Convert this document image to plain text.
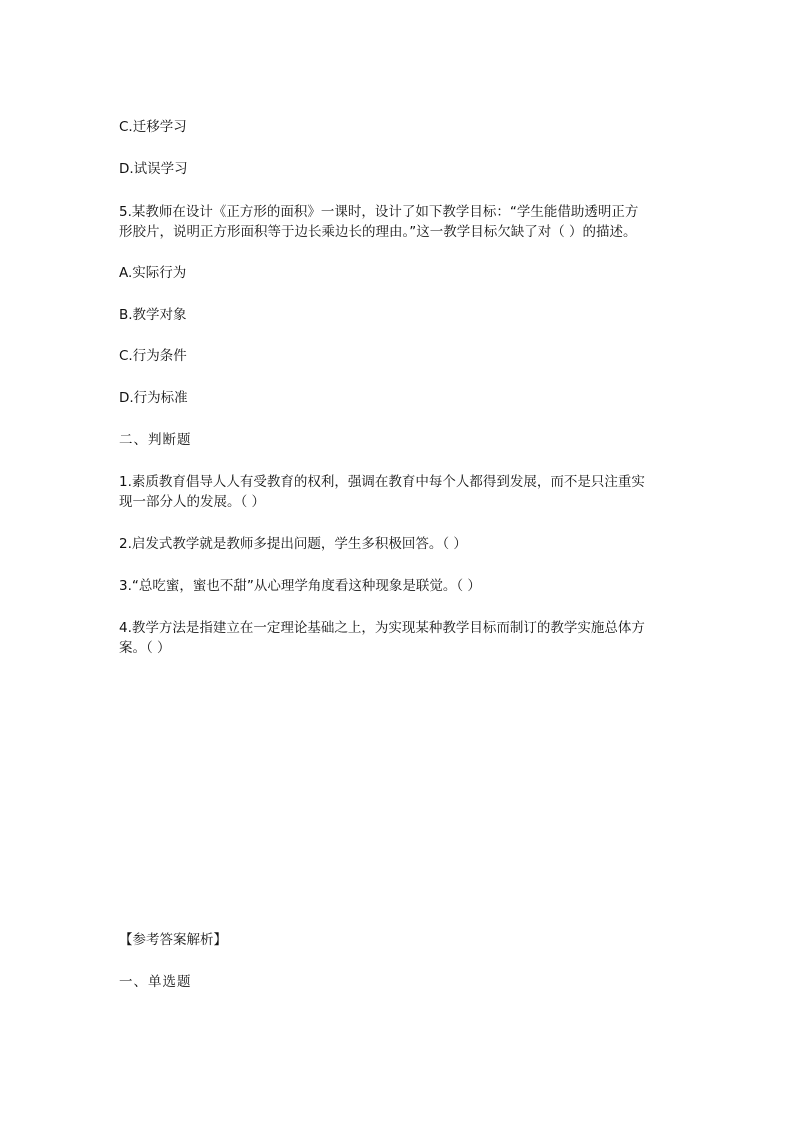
C.迁移学习
D.试误学习
5.某教师在设计《正方形的面积》一课时，设计了如下教学目标：“学生能借助透明正方
形胶片，说明正方形面积等于边长乘边长的理由。”这一教学目标欠缺了对（ ）的描述。
A.实际行为
B.教学对象
C.行为条件
D.行为标准
二、判断题
1.素质教育倡导人人有受教育的权利，强调在教育中每个人都得到发展，而不是只注重实
现一部分人的发展。（ ）
2.启发式教学就是教师多提出问题，学生多积极回答。（ ）
3.“总吃蜜，蜜也不甜”从心理学角度看这种现象是联觉。（ ）
4.教学方法是指建立在一定理论基础之上，为实现某种教学目标而制订的教学实施总体方
案。（ ）
【参考答案解析】
一、单选题
